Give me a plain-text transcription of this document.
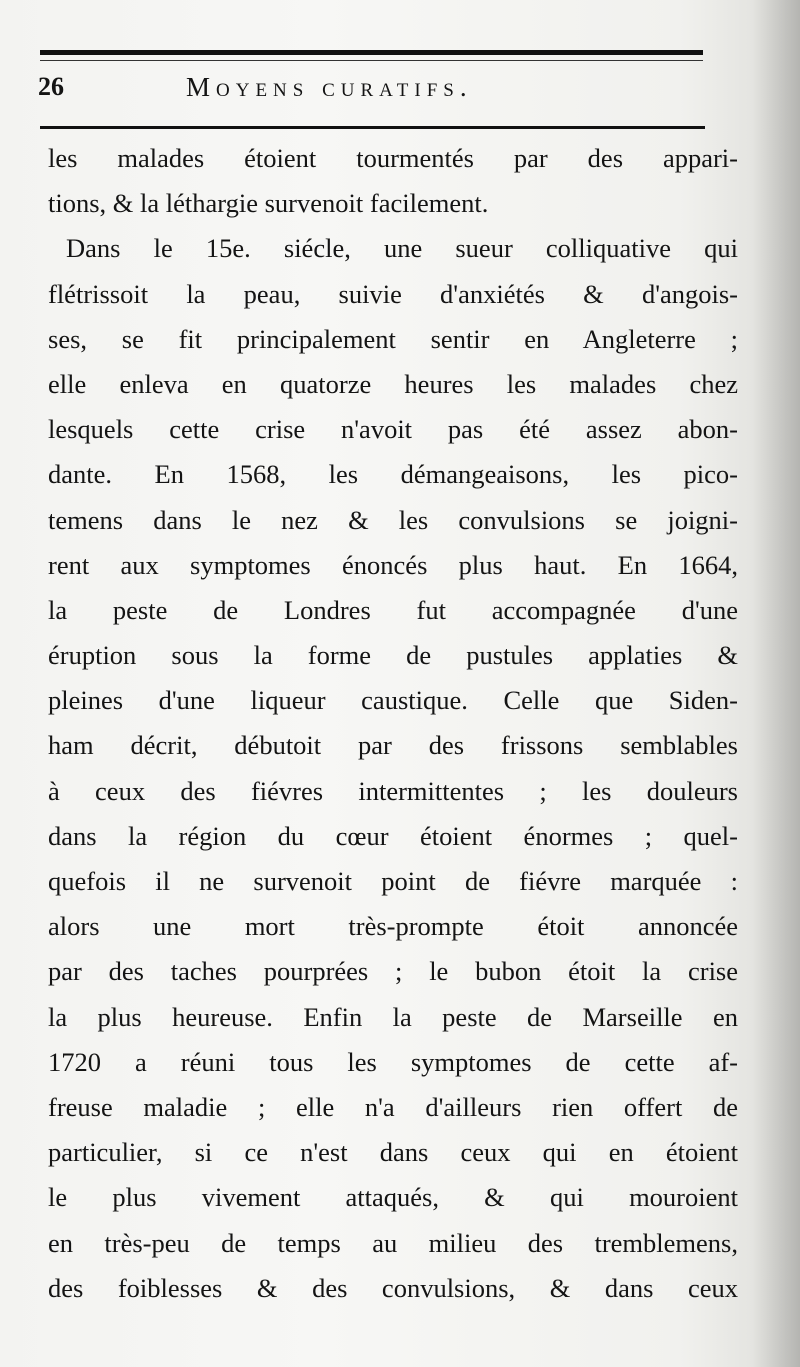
26	Moyens curatifs.
les malades étoient tourmentés par des appari-
tions, & la léthargie survenoit facilement.
Dans le 15e. siécle, une sueur colliquative qui
flétrissoit la peau, suivie d'anxiétés & d'angois-
ses, se fit principalement sentir en Angleterre ;
elle enleva en quatorze heures les malades chez
lesquels cette crise n'avoit pas été assez abon-
dante. En 1568, les démangeaisons, les pico-
temens dans le nez & les convulsions se joigni-
rent aux symptomes énoncés plus haut. En 1664,
la peste de Londres fut accompagnée d'une
éruption sous la forme de pustules applaties &
pleines d'une liqueur caustique. Celle que Siden-
ham décrit, débutoit par des frissons semblables
à ceux des fiévres intermittentes ; les douleurs
dans la région du cœur étoient énormes ; quel-
quefois il ne survenoit point de fiévre marquée :
alors une mort très-prompte étoit annoncée
par des taches pourprées ; le bubon étoit la crise
la plus heureuse. Enfin la peste de Marseille en
1720 a réuni tous les symptomes de cette af-
freuse maladie ; elle n'a d'ailleurs rien offert de
particulier, si ce n'est dans ceux qui en étoient
le plus vivement attaqués, & qui mouroient
en très-peu de temps au milieu des tremblemens,
des foiblesses & des convulsions, & dans ceux
